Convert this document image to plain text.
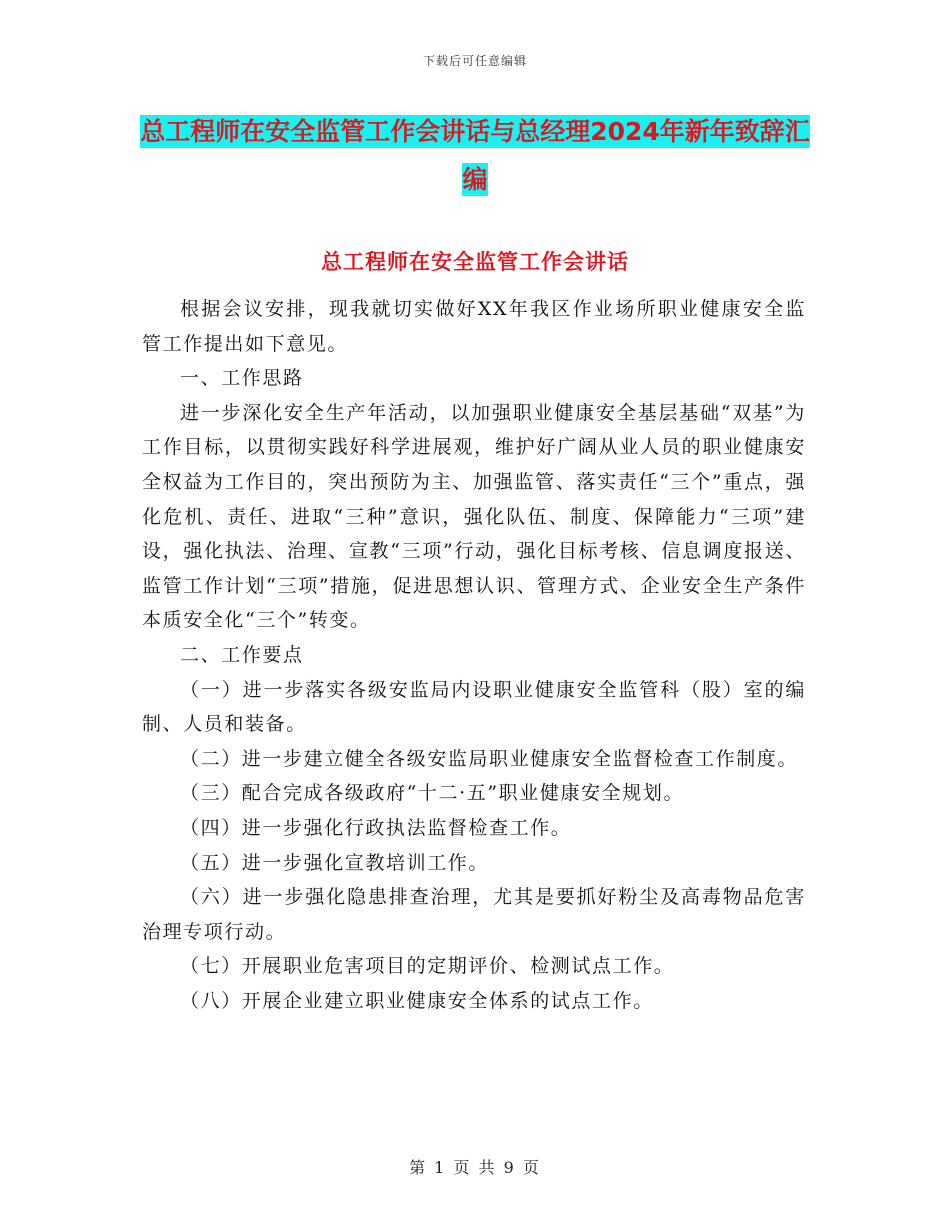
下载后可任意编辑
总工程师在安全监管工作会讲话与总经理2024年新年致辞汇编
总工程师在安全监管工作会讲话

根据会议安排，现我就切实做好XX年我区作业场所职业健康安全监管工作提出如下意见。

一、工作思路

进一步深化安全生产年活动，以加强职业健康安全基层基础“双基”为工作目标，以贯彻实践好科学进展观，维护好广阔从业人员的职业健康安全权益为工作目的，突出预防为主、加强监管、落实责任“三个”重点，强化危机、责任、进取“三种”意识，强化队伍、制度、保障能力“三项”建设，强化执法、治理、宣教“三项”行动，强化目标考核、信息调度报送、监管工作计划“三项”措施，促进思想认识、管理方式、企业安全生产条件本质安全化“三个”转变。

二、工作要点

（一）进一步落实各级安监局内设职业健康安全监管科（股）室的编制、人员和装备。

（二）进一步建立健全各级安监局职业健康安全监督检查工作制度。

（三）配合完成各级政府“十二·五”职业健康安全规划。

（四）进一步强化行政执法监督检查工作。

（五）进一步强化宣教培训工作。

（六）进一步强化隐患排查治理，尤其是要抓好粉尘及高毒物品危害治理专项行动。

（七）开展职业危害项目的定期评价、检测试点工作。

（八）开展企业建立职业健康安全体系的试点工作。

第 1 页 共 9 页
